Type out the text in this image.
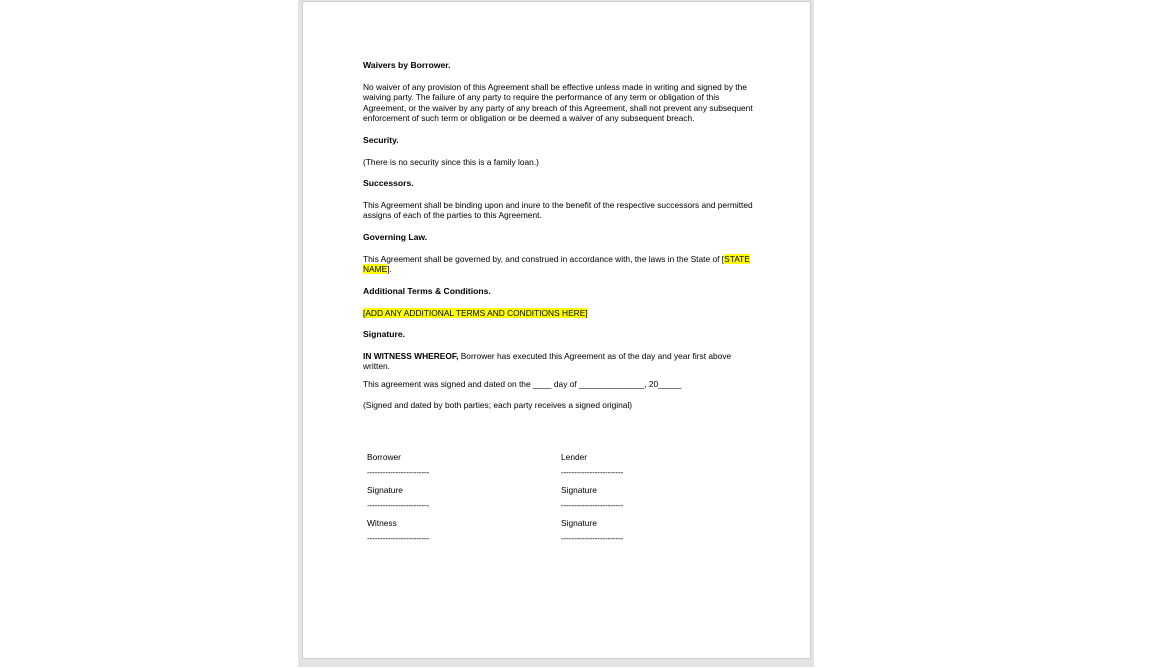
Waivers by Borrower.
No waiver of any provision of this Agreement shall be effective unless made in writing and signed by the waiving party. The failure of any party to require the performance of any term or obligation of this Agreement, or the waiver by any party of any breach of this Agreement, shall not prevent any subsequent enforcement of such term or obligation or be deemed a waiver of any subsequent breach.
Security.
(There is no security since this is a family loan.)
Successors.
This Agreement shall be binding upon and inure to the benefit of the respective successors and permitted assigns of each of the parties to this Agreement.
Governing Law.
This Agreement shall be governed by, and construed in accordance with, the laws in the State of [STATE NAME].
Additional Terms & Conditions.
[ADD ANY ADDITIONAL TERMS AND CONDITIONS HERE]
Signature.
IN WITNESS WHEREOF, Borrower has executed this Agreement as of the day and year first above written.
This agreement was signed and dated on the ____ day of ______________, 20_____
(Signed and dated by both parties; each party receives a signed original)
Borrower
------------------------
Lender
------------------------
Signature
------------------------
Signature
------------------------
Witness
------------------------
Signature
------------------------
